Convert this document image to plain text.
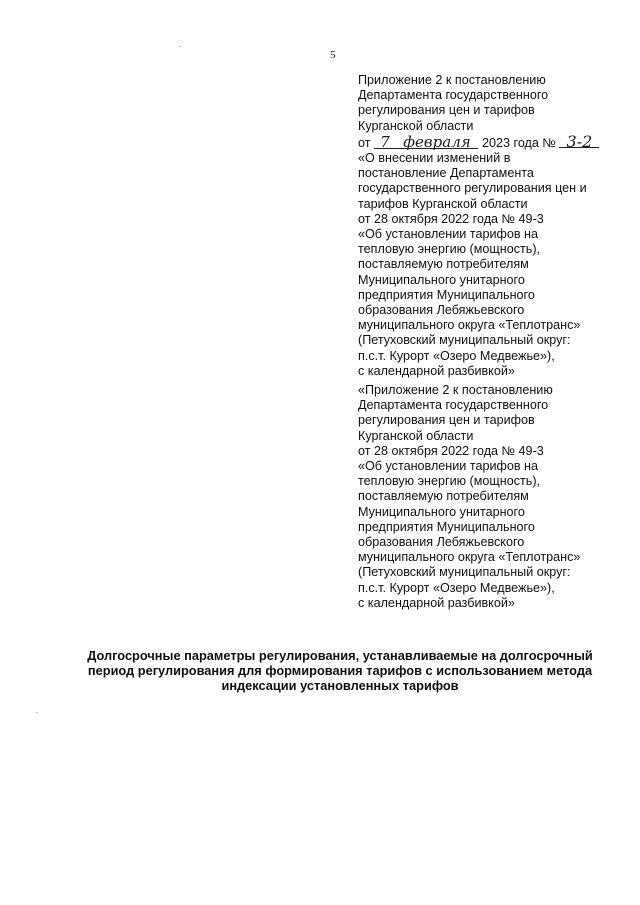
5
Приложение 2 к постановлению
Департамента государственного
регулирования цен и тарифов
Курганской области

от 7 февраля 2023 года № 3-2
«О внесении изменений в
постановление Департамента
государственного регулирования цен и
тарифов Курганской области
от 28 октября 2022 года № 49-3
«Об установлении тарифов на
тепловую энергию (мощность),
поставляемую потребителям
Муниципального унитарного
предприятия Муниципального
образования Лебяжьевского
муниципального округа «Теплотранс»
(Петуховский муниципальный округ:
п.с.т. Курорт «Озеро Медвежье»),
с календарной разбивкой»
«Приложение 2 к постановлению
Департамента государственного
регулирования цен и тарифов
Курганской области
от 28 октября 2022 года № 49-3
«Об установлении тарифов на
тепловую энергию (мощность),
поставляемую потребителям
Муниципального унитарного
предприятия Муниципального
образования Лебяжьевского
муниципального округа «Теплотранс»
(Петуховский муниципальный округ:
п.с.т. Курорт «Озеро Медвежье»),
с календарной разбивкой»
Долгосрочные параметры регулирования, устанавливаемые на долгосрочный
период регулирования для формирования тарифов с использованием метода
индексации установленных тарифов
